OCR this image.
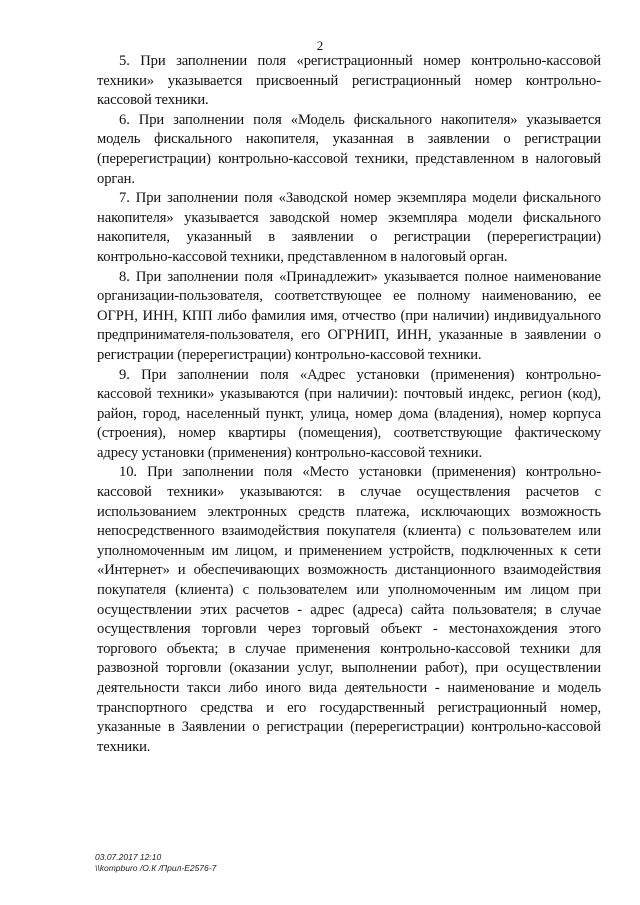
2

5. При заполнении поля «регистрационный номер контрольно-кассовой техники» указывается присвоенный регистрационный номер контрольно-кассовой техники.

6. При заполнении поля «Модель фискального накопителя» указывается модель фискального накопителя, указанная в заявлении о регистрации (перерегистрации) контрольно-кассовой техники, представленном в налоговый орган.

7. При заполнении поля «Заводской номер экземпляра модели фискального накопителя» указывается заводской номер экземпляра модели фискального накопителя, указанный в заявлении о регистрации (перерегистрации) контрольно-кассовой техники, представленном в налоговый орган.

8. При заполнении поля «Принадлежит» указывается полное наименование организации-пользователя, соответствующее ее полному наименованию, ее ОГРН, ИНН, КПП либо фамилия имя, отчество (при наличии) индивидуального предпринимателя-пользователя, его ОГРНИП, ИНН, указанные в заявлении о регистрации (перерегистрации) контрольно-кассовой техники.

9. При заполнении поля «Адрес установки (применения) контрольно-кассовой техники» указываются (при наличии): почтовый индекс, регион (код), район, город, населенный пункт, улица, номер дома (владения), номер корпуса (строения), номер квартиры (помещения), соответствующие фактическому адресу установки (применения) контрольно-кассовой техники.

10. При заполнении поля «Место установки (применения) контрольно-кассовой техники» указываются: в случае осуществления расчетов с использованием электронных средств платежа, исключающих возможность непосредственного взаимодействия покупателя (клиента) с пользователем или уполномоченным им лицом, и применением устройств, подключенных к сети «Интернет» и обеспечивающих возможность дистанционного взаимодействия покупателя (клиента) с пользователем или уполномоченным им лицом при осуществлении этих расчетов - адрес (адреса) сайта пользователя; в случае осуществления торговли через торговый объект - местонахождения этого торгового объекта; в случае применения контрольно-кассовой техники для развозной торговли (оказании услуг, выполнении работ), при осуществлении деятельности такси либо иного вида деятельности - наименование и модель транспортного средства и его государственный регистрационный номер, указанные в Заявлении о регистрации (перерегистрации) контрольно-кассовой техники.

03.07.2017 12:10
\\kompburo /О.К /Прил-Е2576-7
